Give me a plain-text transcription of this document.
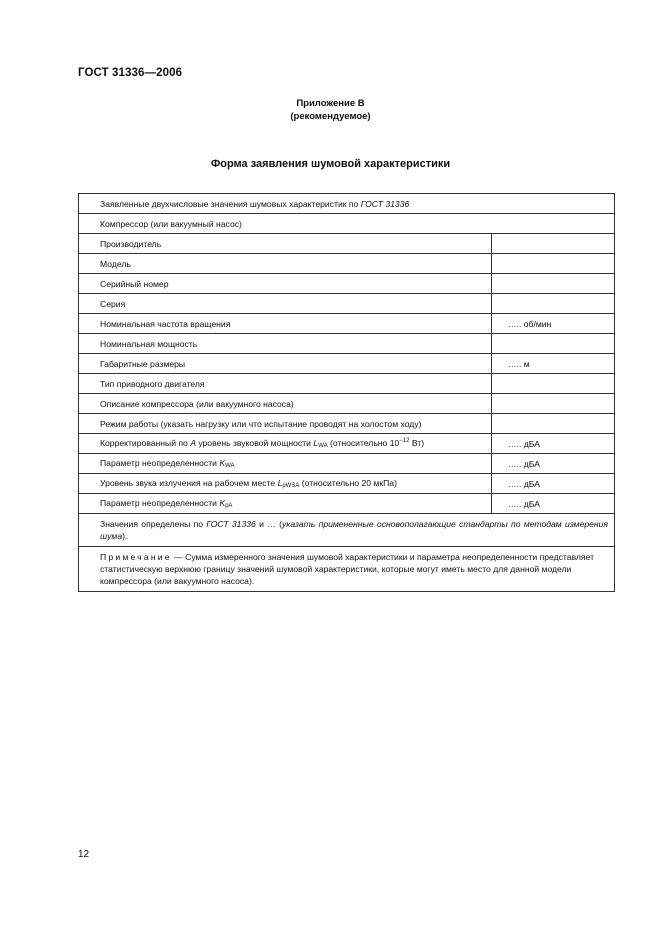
ГОСТ 31336—2006
Приложение В
(рекомендуемое)
Форма заявления шумовой характеристики
Заявленные двухчисловые значения шумовых характеристик по ГОСТ 31336	
Компрессор (или вакуумный насос)	
Производитель	
Модель	
Серийный номер	
Серия	
Номинальная частота вращения	….. об/мин
Номинальная мощность	
Габаритные размеры	….. м
Тип приводного двигателя	
Описание компрессора (или вакуумного насоса)	
Режим работы (указать нагрузку или что испытание проводят на холостом ходу)	
Корректированный по A уровень звуковой мощности $L_{WA}$ (относительно $10^{-12}$ Вт)	….. дБА
Параметр неопределенности $K_{WA}$	….. дБА
Уровень звука излучения на рабочем месте $L_{pWSA}$ (относительно 20 мкПа)	….. дБА
Параметр неопределенности $K_{pA}$	….. дБА
Значения определены по ГОСТ 31336 и … (указать примененные основополагающие стандарты по методам измерения шума).	
Примечание — Сумма измеренного значения шумовой характеристики и параметра неопределенности представляет статистическую верхнюю границу значений шумовой характеристики, которые могут иметь место для данной модели компрессора (или вакуумного насоса).	
12
